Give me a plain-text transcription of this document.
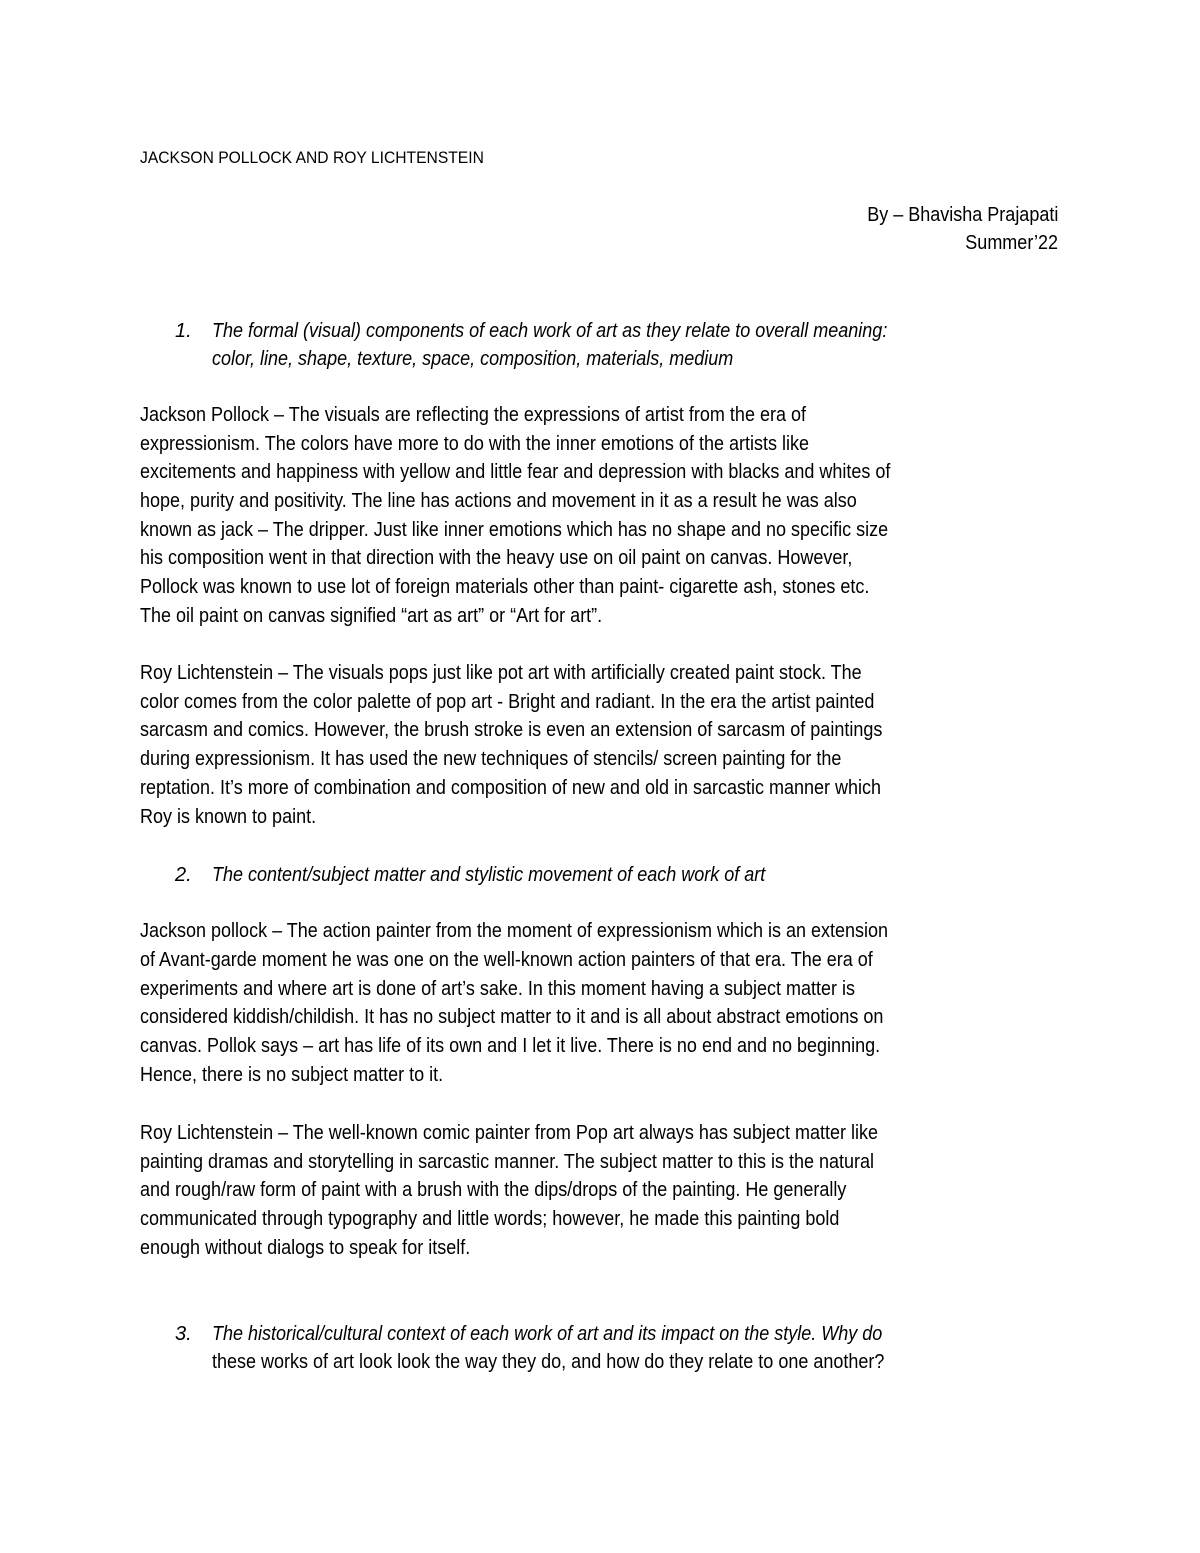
JACKSON POLLOCK AND ROY LICHTENSTEIN
By – Bhavisha Prajapati
Summer’22
1. The formal (visual) components of each work of art as they relate to overall meaning:
color, line, shape, texture, space, composition, materials, medium
Jackson Pollock – The visuals are reflecting the expressions of artist from the era of
expressionism. The colors have more to do with the inner emotions of the artists like
excitements and happiness with yellow and little fear and depression with blacks and whites of
hope, purity and positivity. The line has actions and movement in it as a result he was also
known as jack – The dripper. Just like inner emotions which has no shape and no specific size
his composition went in that direction with the heavy use on oil paint on canvas. However,
Pollock was known to use lot of foreign materials other than paint- cigarette ash, stones etc.
The oil paint on canvas signified “art as art” or “Art for art”.
Roy Lichtenstein – The visuals pops just like pot art with artificially created paint stock. The
color comes from the color palette of pop art - Bright and radiant. In the era the artist painted
sarcasm and comics. However, the brush stroke is even an extension of sarcasm of paintings
during expressionism. It has used the new techniques of stencils/ screen painting for the
reptation. It’s more of combination and composition of new and old in sarcastic manner which
Roy is known to paint.
2. The content/subject matter and stylistic movement of each work of art
Jackson pollock – The action painter from the moment of expressionism which is an extension
of Avant-garde moment he was one on the well-known action painters of that era. The era of
experiments and where art is done of art’s sake. In this moment having a subject matter is
considered kiddish/childish. It has no subject matter to it and is all about abstract emotions on
canvas. Pollok says – art has life of its own and I let it live. There is no end and no beginning.
Hence, there is no subject matter to it.
Roy Lichtenstein – The well-known comic painter from Pop art always has subject matter like
painting dramas and storytelling in sarcastic manner. The subject matter to this is the natural
and rough/raw form of paint with a brush with the dips/drops of the painting. He generally
communicated through typography and little words; however, he made this painting bold
enough without dialogs to speak for itself.
3. The historical/cultural context of each work of art and its impact on the style. Why do
these works of art look look the way they do, and how do they relate to one another?
